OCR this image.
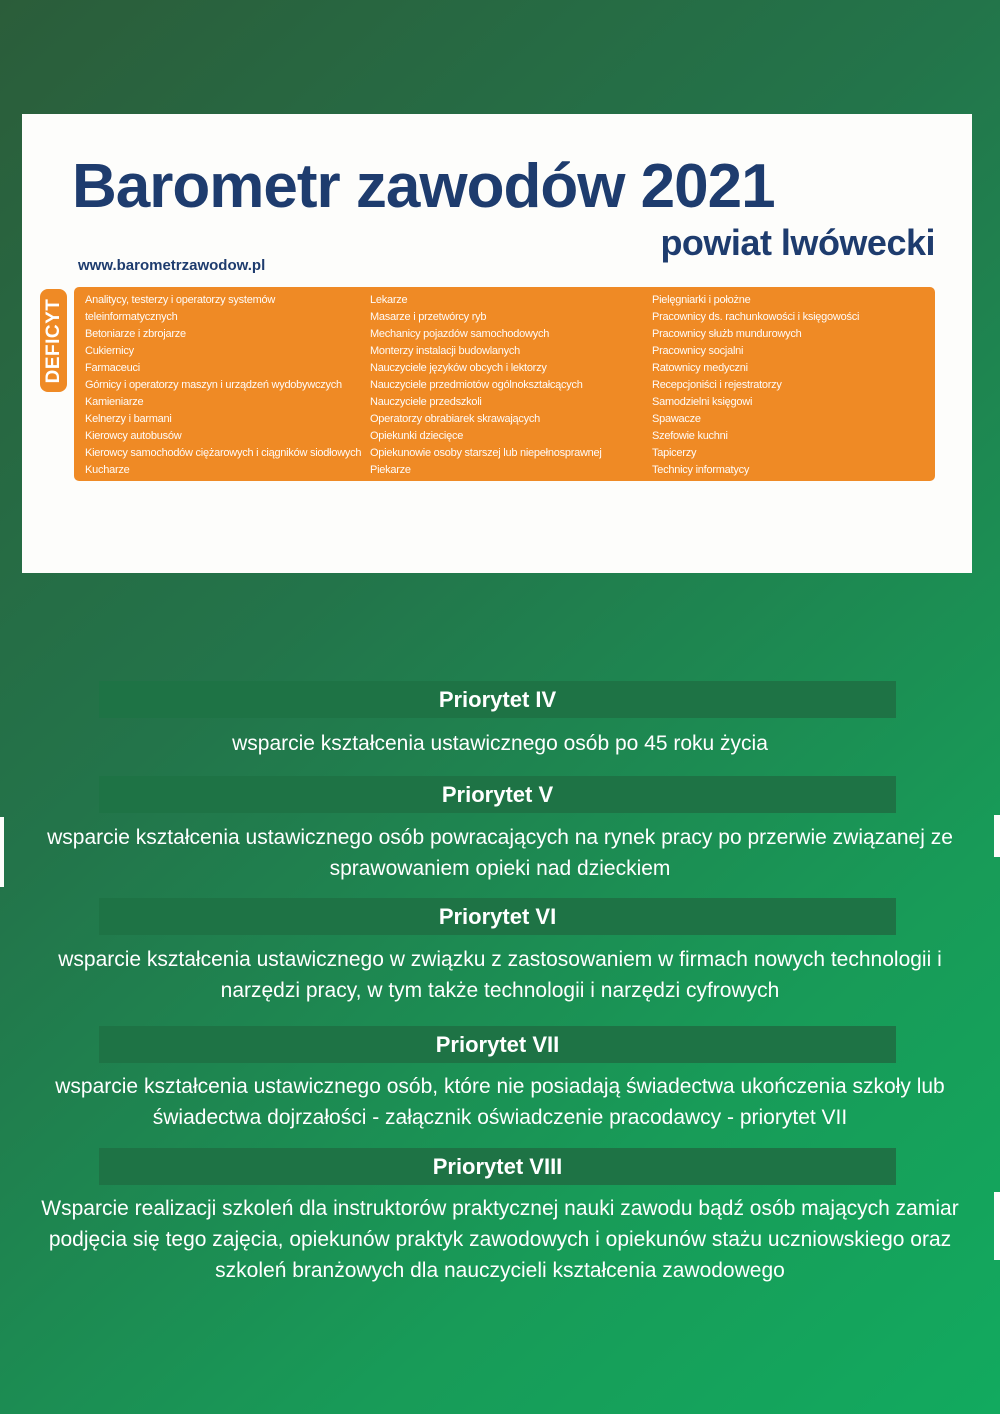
Barometr zawodów 2021
powiat lwówecki
www.barometrzawodow.pl
DEFICYT Analitycy, testerzy i operatorzy systemów
teleinformatycznych
Betoniarze i zbrojarze
Cukiernicy
Farmaceuci
Górnicy i operatorzy maszyn i urządzeń wydobywczych
Kamieniarze
Kelnerzy i barmani
Kierowcy autobusów
Kierowcy samochodów ciężarowych i ciągników siodłowych
Kucharze
Lekarze
Masarze i przetwórcy ryb
Mechanicy pojazdów samochodowych
Monterzy instalacji budowlanych
Nauczyciele języków obcych i lektorzy
Nauczyciele przedmiotów ogólnokształcących
Nauczyciele przedszkoli
Operatorzy obrabiarek skrawających
Opiekunki dziecięce
Opiekunowie osoby starszej lub niepełnosprawnej
Piekarze
Pielęgniarki i położne
Pracownicy ds. rachunkowości i księgowości
Pracownicy służb mundurowych
Pracownicy socjalni
Ratownicy medyczni
Recepcjoniści i rejestratorzy
Samodzielni księgowi
Spawacze
Szefowie kuchni
Tapicerzy
Technicy informatycy
Priorytet IV
wsparcie kształcenia ustawicznego osób po 45 roku życia
Priorytet V
wsparcie kształcenia ustawicznego osób powracających na rynek pracy po przerwie związanej ze
sprawowaniem opieki nad dzieckiem
Priorytet VI
wsparcie kształcenia ustawicznego w związku z zastosowaniem w firmach nowych technologii i
narzędzi pracy, w tym także technologii i narzędzi cyfrowych
Priorytet VII
wsparcie kształcenia ustawicznego osób, które nie posiadają świadectwa ukończenia szkoły lub
świadectwa dojrzałości - załącznik oświadczenie pracodawcy - priorytet VII
Priorytet VIII
Wsparcie realizacji szkoleń dla instruktorów praktycznej nauki zawodu bądź osób mających zamiar
podjęcia się tego zajęcia, opiekunów praktyk zawodowych i opiekunów stażu uczniowskiego oraz
szkoleń branżowych dla nauczycieli kształcenia zawodowego
